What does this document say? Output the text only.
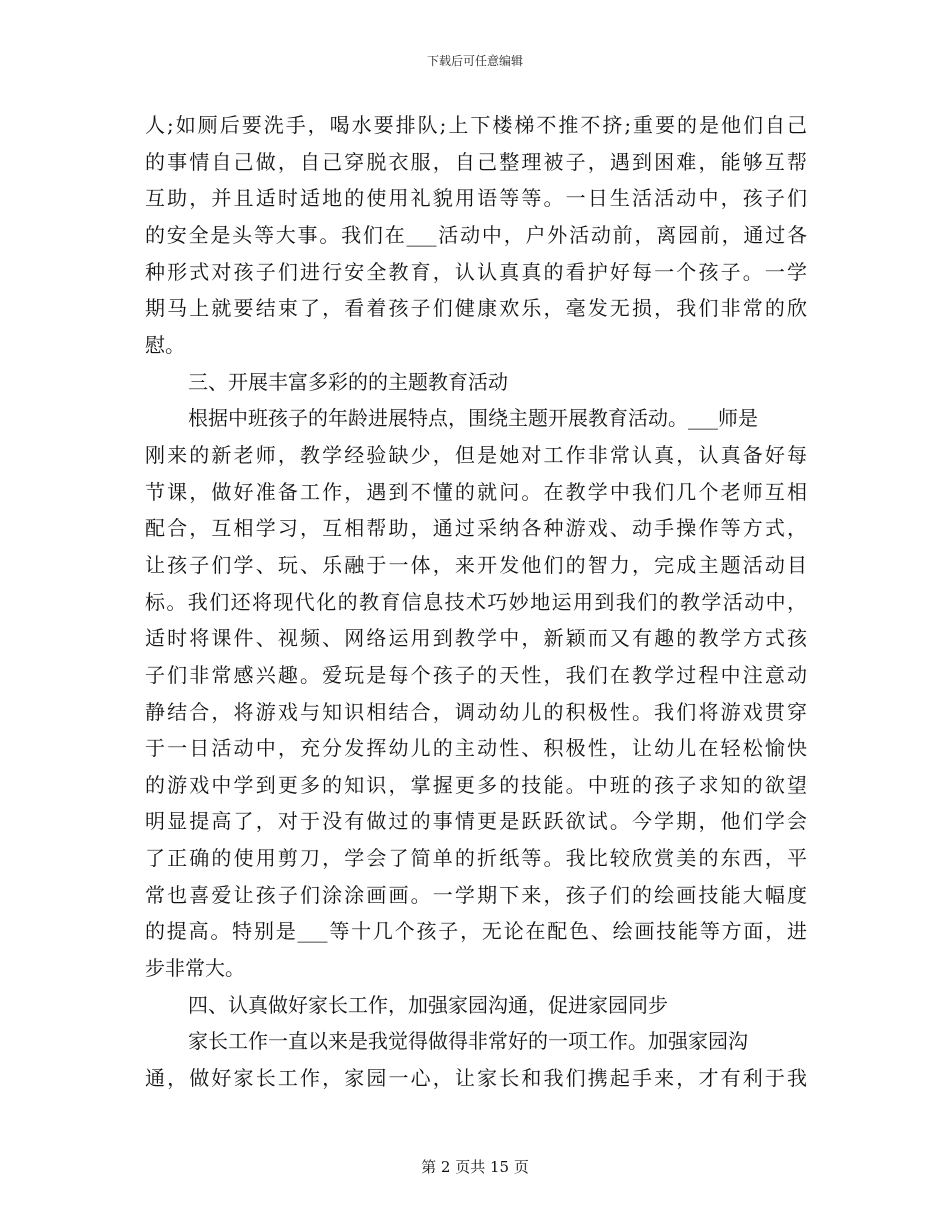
下载后可任意编辑
人;如厕后要洗手，喝水要排队;上下楼梯不推不挤;重要的是他们自己
的事情自己做，自己穿脱衣服，自己整理被子，遇到困难，能够互帮
互助，并且适时适地的使用礼貌用语等等。一日生活活动中，孩子们
的安全是头等大事。我们在___活动中，户外活动前，离园前，通过各
种形式对孩子们进行安全教育，认认真真的看护好每一个孩子。一学
期马上就要结束了，看着孩子们健康欢乐，毫发无损，我们非常的欣
慰。
三、开展丰富多彩的的主题教育活动
根据中班孩子的年龄进展特点，围绕主题开展教育活动。___师是
刚来的新老师，教学经验缺少，但是她对工作非常认真，认真备好每
节课，做好准备工作，遇到不懂的就问。在教学中我们几个老师互相
配合，互相学习，互相帮助，通过采纳各种游戏、动手操作等方式，
让孩子们学、玩、乐融于一体，来开发他们的智力，完成主题活动目
标。我们还将现代化的教育信息技术巧妙地运用到我们的教学活动中，
适时将课件、视频、网络运用到教学中，新颖而又有趣的教学方式孩
子们非常感兴趣。爱玩是每个孩子的天性，我们在教学过程中注意动
静结合，将游戏与知识相结合，调动幼儿的积极性。我们将游戏贯穿
于一日活动中，充分发挥幼儿的主动性、积极性，让幼儿在轻松愉快
的游戏中学到更多的知识，掌握更多的技能。中班的孩子求知的欲望
明显提高了，对于没有做过的事情更是跃跃欲试。今学期，他们学会
了正确的使用剪刀，学会了简单的折纸等。我比较欣赏美的东西，平
常也喜爱让孩子们涂涂画画。一学期下来，孩子们的绘画技能大幅度
的提高。特别是___等十几个孩子，无论在配色、绘画技能等方面，进
步非常大。
四、认真做好家长工作，加强家园沟通，促进家园同步
家长工作一直以来是我觉得做得非常好的一项工作。加强家园沟
通，做好家长工作，家园一心，让家长和我们携起手来，才有利于我
第 2 页共 15 页
